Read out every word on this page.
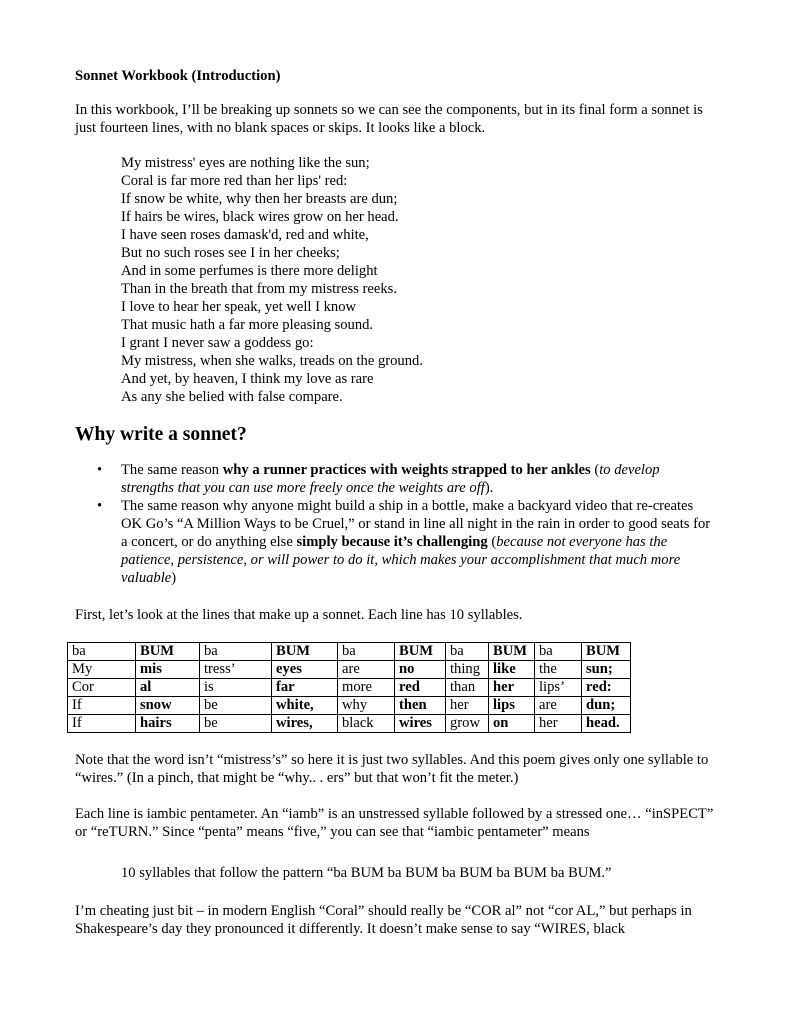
Sonnet Workbook (Introduction)

In this workbook, I’ll be breaking up sonnets so we can see the components, but in its final form a sonnet is just fourteen lines, with no blank spaces or skips. It looks like a block.

My mistress' eyes are nothing like the sun;
Coral is far more red than her lips' red:
If snow be white, why then her breasts are dun;
If hairs be wires, black wires grow on her head.
I have seen roses damask'd, red and white,
But no such roses see I in her cheeks;
And in some perfumes is there more delight
Than in the breath that from my mistress reeks.
I love to hear her speak, yet well I know
That music hath a far more pleasing sound.
I grant I never saw a goddess go:
My mistress, when she walks, treads on the ground.
And yet, by heaven, I think my love as rare
As any she belied with false compare.

Why write a sonnet?

• The same reason why a runner practices with weights strapped to her ankles (to develop strengths that you can use more freely once the weights are off).
• The same reason why anyone might build a ship in a bottle, make a backyard video that re-creates OK Go’s “A Million Ways to be Cruel,” or stand in line all night in the rain in order to good seats for a concert, or do anything else simply because it’s challenging (because not everyone has the patience, persistence, or will power to do it, which makes your accomplishment that much more valuable)

First, let’s look at the lines that make up a sonnet. Each line has 10 syllables.

ba	BUM	ba	BUM	ba	BUM	ba	BUM	ba	BUM
My	mis	tress’	eyes	are	no	thing	like	the	sun;
Cor	al	is	far	more	red	than	her	lips’	red:
If	snow	be	white,	why	then	her	lips	are	dun;
If	hairs	be	wires,	black	wires	grow	on	her	head.

Note that the word isn’t “mistress’s” so here it is just two syllables. And this poem gives only one syllable to “wires.” (In a pinch, that might be “why.. . ers” but that won’t fit the meter.)

Each line is iambic pentameter. An “iamb” is an unstressed syllable followed by a stressed one… “inSPECT” or “reTURN.” Since “penta” means “five,” you can see that “iambic pentameter” means

10 syllables that follow the pattern “ba BUM ba BUM ba BUM ba BUM ba BUM.”

I’m cheating just bit – in modern English “Coral” should really be “COR al” not “cor AL,” but perhaps in Shakespeare’s day they pronounced it differently. It doesn’t make sense to say “WIRES, black
